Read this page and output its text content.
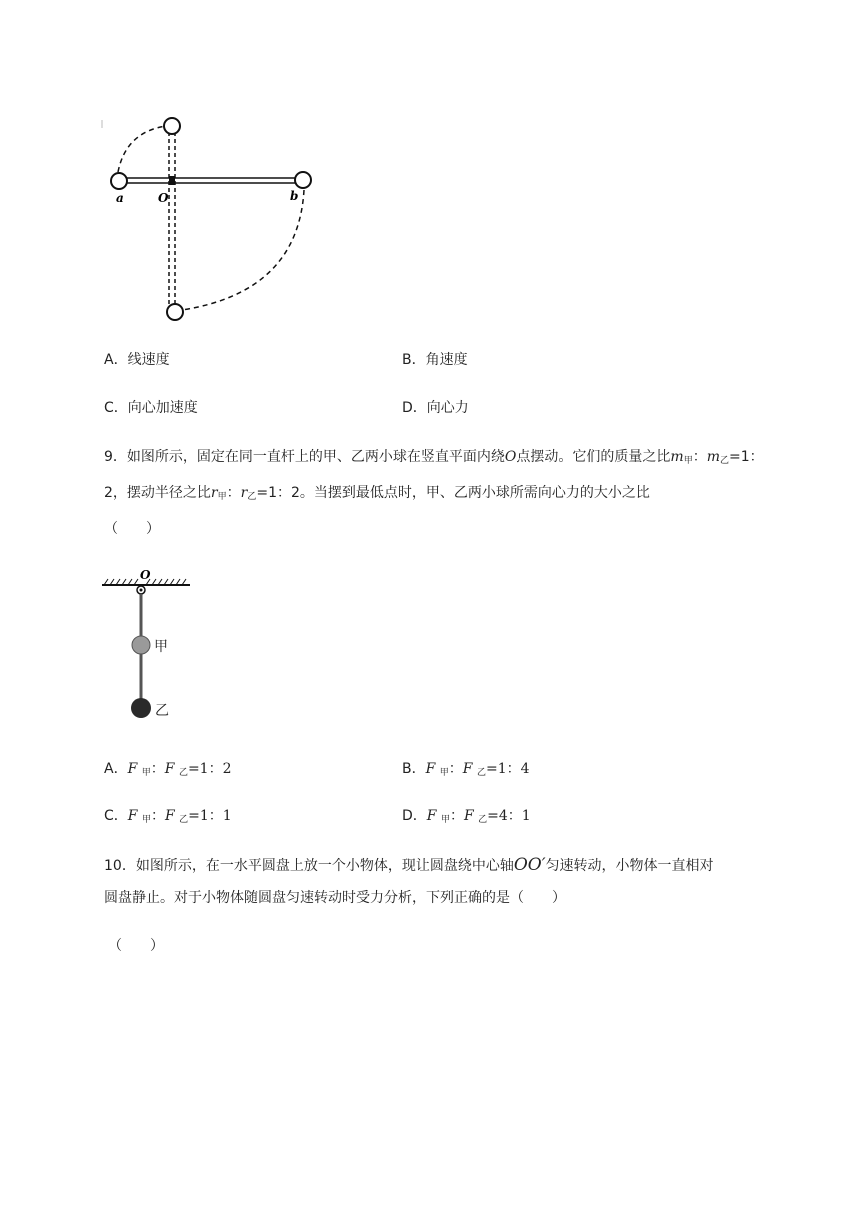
a	O	b
A．线速度	B．角速度
C．向心加速度	D．向心力
9．如图所示，固定在同一直杆上的甲、乙两小球在竖直平面内绕O点摆动。它们的质量之比$m_甲$：$m_乙=1$：2，摆动半径之比$r_甲$：$r_乙=1$：2。当摆到最低点时，甲、乙两小球所需向心力的大小之比
（　　）
O
甲
乙
A．F $_甲$：F $_乙$=1：2	B．F $_甲$：F $_乙$=1：4
C．F $_甲$：F $_乙$=1：1	D．F $_甲$：F $_乙$=4：1
10．如图所示，在一水平圆盘上放一个小物体，现让圆盘绕中心轴OO′匀速转动，小物体一直相对
圆盘静止。对于小物体随圆盘匀速转动时受力分析，下列正确的是（　　）
（　　）
